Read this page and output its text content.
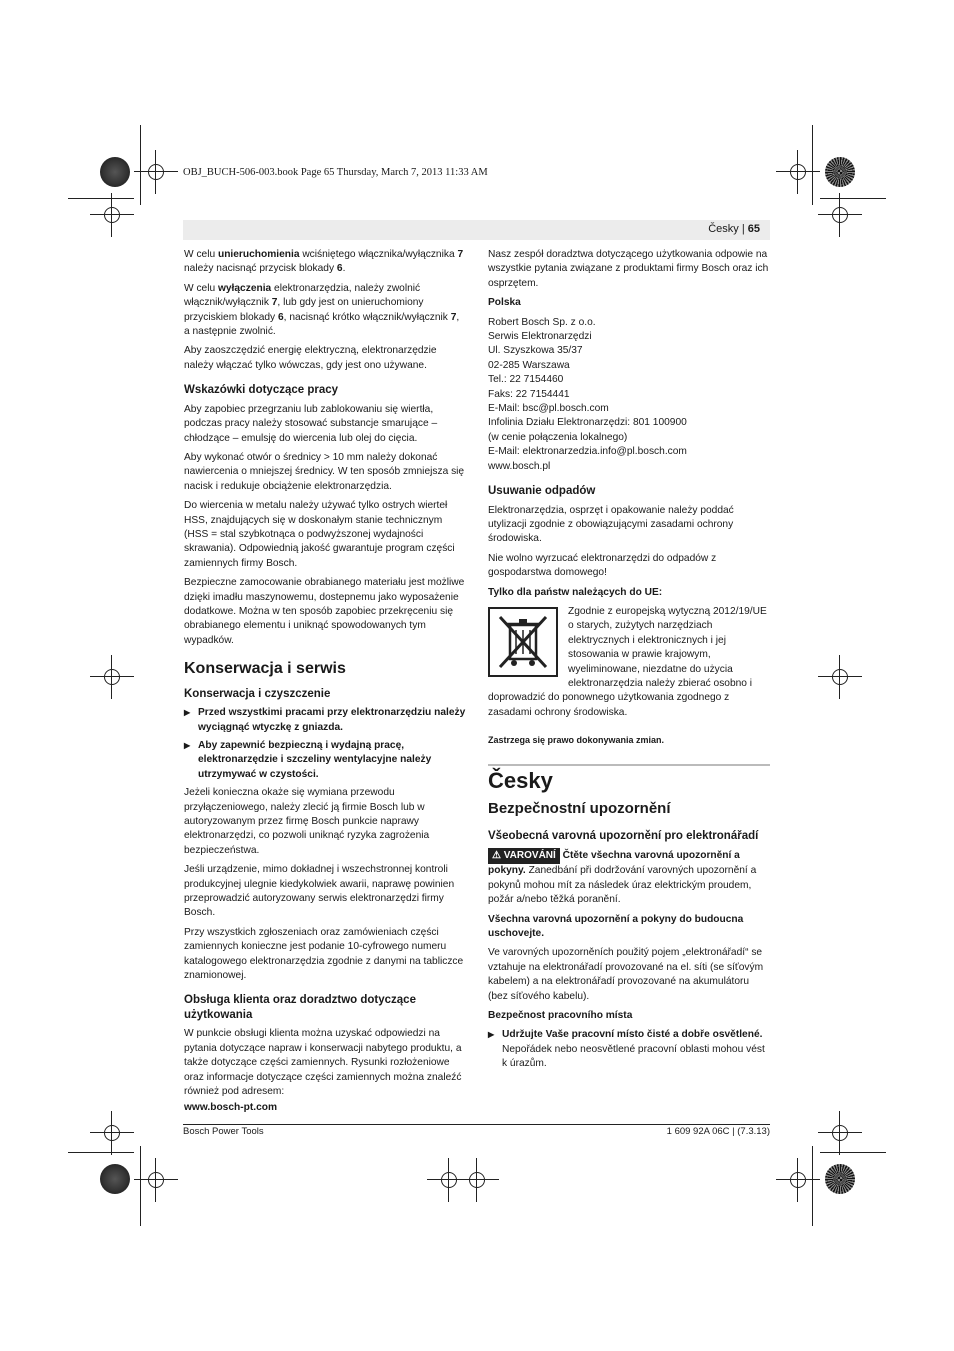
OBJ_BUCH-506-003.book Page 65 Thursday, March 7, 2013 11:33 AM
Česky | 65

W celu unieruchomienia wciśniętego włącznika/wyłącznika 7 należy nacisnąć przycisk blokady 6.

W celu wyłączenia elektronarzędzia, należy zwolnić włącznik/wyłącznik 7, lub gdy jest on unieruchomiony przyciskiem blokady 6, nacisnąć krótko włącznik/wyłącznik 7, a następnie zwolnić.

Aby zaoszczędzić energię elektryczną, elektronarzędzie należy włączać tylko wówczas, gdy jest ono używane.

Wskazówki dotyczące pracy

Aby zapobiec przegrzaniu lub zablokowaniu się wiertła, podczas pracy należy stosować substancje smarujące – chłodzące – emulsję do wiercenia lub olej do cięcia.

Aby wykonać otwór o średnicy > 10 mm należy dokonać nawiercenia o mniejszej średnicy. W ten sposób zmniejsza się nacisk i redukuje obciążenie elektronarzędzia.

Do wiercenia w metalu należy używać tylko ostrych wierteł HSS, znajdujących się w doskonałym stanie technicznym (HSS = stal szybkotnąca o podwyższonej wydajności skrawania). Odpowiednią jakość gwarantuje program części zamiennych firmy Bosch.

Bezpieczne zamocowanie obrabianego materiału jest możliwe dzięki imadłu maszynowemu, dostepnemu jako wyposażenie dodatkowe. Można w ten sposób zapobiec przekręceniu się obrabianego elementu i uniknąć spowodowanych tym wypadków.

Konserwacja i serwis
Konserwacja i czyszczenie
▶ Przed wszystkimi pracami przy elektronarzędziu należy wyciągnąć wtyczkę z gniazda.
▶ Aby zapewnić bezpieczną i wydajną pracę, elektronarzędzie i szczeliny wentylacyjne należy utrzymywać w czystości.

Jeżeli konieczna okaże się wymiana przewodu przyłączeniowego, należy zlecić ją firmie Bosch lub w autoryzowanym przez firmę Bosch punkcie naprawy elektronarzędzi, co pozwoli uniknąć ryzyka zagrożenia bezpieczeństwa.

Jeśli urządzenie, mimo dokładnej i wszechstronnej kontroli produkcyjnej ulegnie kiedykolwiek awarii, naprawę powinien przeprowadzić autoryzowany serwis elektronarzędzi firmy Bosch.

Przy wszystkich zgłoszeniach oraz zamówieniach części zamiennych konieczne jest podanie 10-cyfrowego numeru katalogowego elektronarzędzia zgodnie z danymi na tabliczce znamionowej.

Obsługa klienta oraz doradztwo dotyczące użytkowania

W punkcie obsługi klienta można uzyskać odpowiedzi na pytania dotyczące napraw i konserwacji nabytego produktu, a także dotyczące części zamiennych. Rysunki rozłożeniowe oraz informacje dotyczące części zamiennych można znaleźć również pod adresem:

www.bosch-pt.com

Nasz zespół doradztwa dotyczącego użytkowania odpowie na wszystkie pytania związane z produktami firmy Bosch oraz ich osprzętem.

Polska

Robert Bosch Sp. z o.o.

Serwis Elektronarzędzi

Ul. Szyszkowa 35/37

02-285 Warszawa

Tel.: 22 7154460

Faks: 22 7154441

E-Mail: bsc@pl.bosch.com

Infolinia Działu Elektronarzędzi: 801 100900

(w cenie połączenia lokalnego)

E-Mail: elektronarzedzia.info@pl.bosch.com

www.bosch.pl

Usuwanie odpadów

Elektronarzędzia, osprzęt i opakowanie należy poddać utylizacji zgodnie z obowiązującymi zasadami ochrony środowiska.

Nie wolno wyrzucać elektronarzędzi do odpadów z gospodarstwa domowego!

Tylko dla państw należących do UE:

Zgodnie z europejską wytyczną 2012/19/UE o starych, zużytych narzędziach elektrycznych i elektronicznych i jej stosowania w prawie krajowym, wyeliminowane, niezdatne do użycia elektronarzędzia należy zbierać osobno i doprowadzić do ponownego użytkowania zgodnego z zasadami ochrony środowiska.

Zastrzega się prawo dokonywania zmian.

Česky
Bezpečnostní upozornění
Všeobecná varovná upozornění pro elektronářadí

⚠ VAROVÁNÍ Čtěte všechna varovná upozornění a pokyny. Zanedbání při dodržování varovných upozornění a pokynů mohou mít za následek úraz elektrickým proudem, požár a/nebo těžká poranění.

Všechna varovná upozornění a pokyny do budoucna uschovejte.

Ve varovných upozorněních použitý pojem „elektronářadí“ se vztahuje na elektronářadí provozované na el. síti (se síťovým kabelem) a na elektronářadí provozované na akumulátoru (bez síťového kabelu).

Bezpečnost pracovního místa

▶ Udržujte Vaše pracovní místo čisté a dobře osvětlené. Nepořádek nebo neosvětlené pracovní oblasti mohou vést k úrazům.
Bosch Power Tools	1 609 92A 06C | (7.3.13)
